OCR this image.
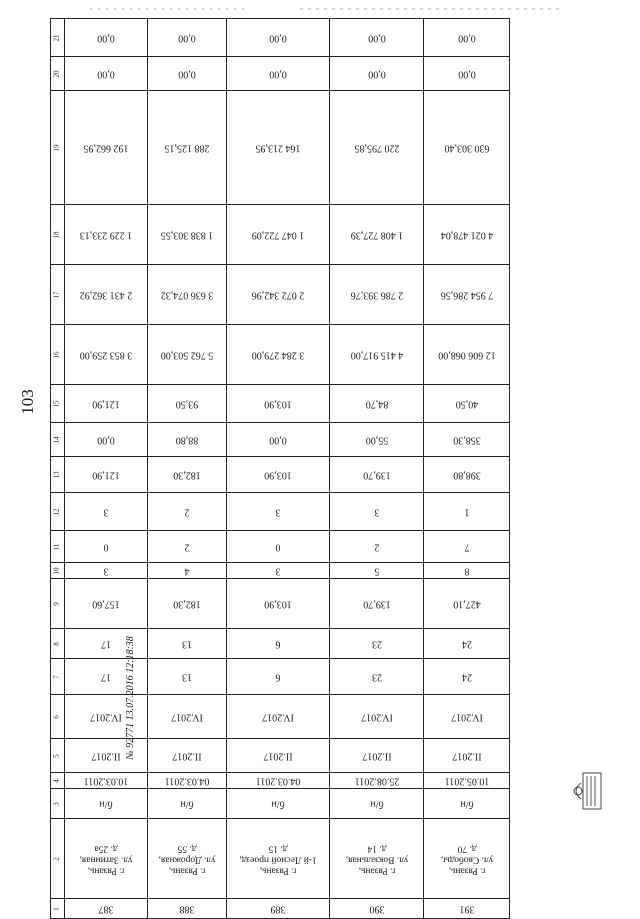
103
21	0,00	0,00	0,00	0,00	0,00

20	0,00	0,00	0,00	0,00	0,00

19	192 662,95	288 125,15	164 213,95	220 795,85	630 303,40

18	1 229 233,13	1 838 303,55	1 047 722,09	1 408 727,39	4 021 478,04

17	2 431 362,92	3 636 074,32	2 072 342,96	2 786 393,76	7 954 286,56

16	3 853 259,00	5 762 503,00	3 284 279,00	4 415 917,00	12 606 068,00

15	121,90	93,50	103,90	84,70	40,50

14	0,00	88,80	0,00	55,00	358,30

13	121,90	182,30	103,90	139,70	398,80

12	3	2	3	3	1

11	0	2	0	2	7

10	3	4	3	5	8

9	157,60	182,30	103,90	139,70	427,10

8	17	13	6	23	24

7	17	13	6	23	24

6	IV.2017	IV.2017	IV.2017	IV.2017	IV.2017

5	II.2017	II.2017	II.2017	II.2017	II.2017

4	10.03.2011	04.03.2011	04.03.2011	25.08.2011	10.05.2011

3	б/н	б/н	б/н	б/н	б/н

2	г. Рязань,
ул. Затинная,
д. 25а	г. Рязань,
ул. Дорожная,
д. 55	г. Рязань,
1-й Лесной проезд,
д. 15	г. Рязань,
ул. Вокзальная,
д. 14	г. Рязань,
ул. Свободы,
д. 70

1	387	388	389	390	391
№ 92771 13.07.2016 12:18:38
